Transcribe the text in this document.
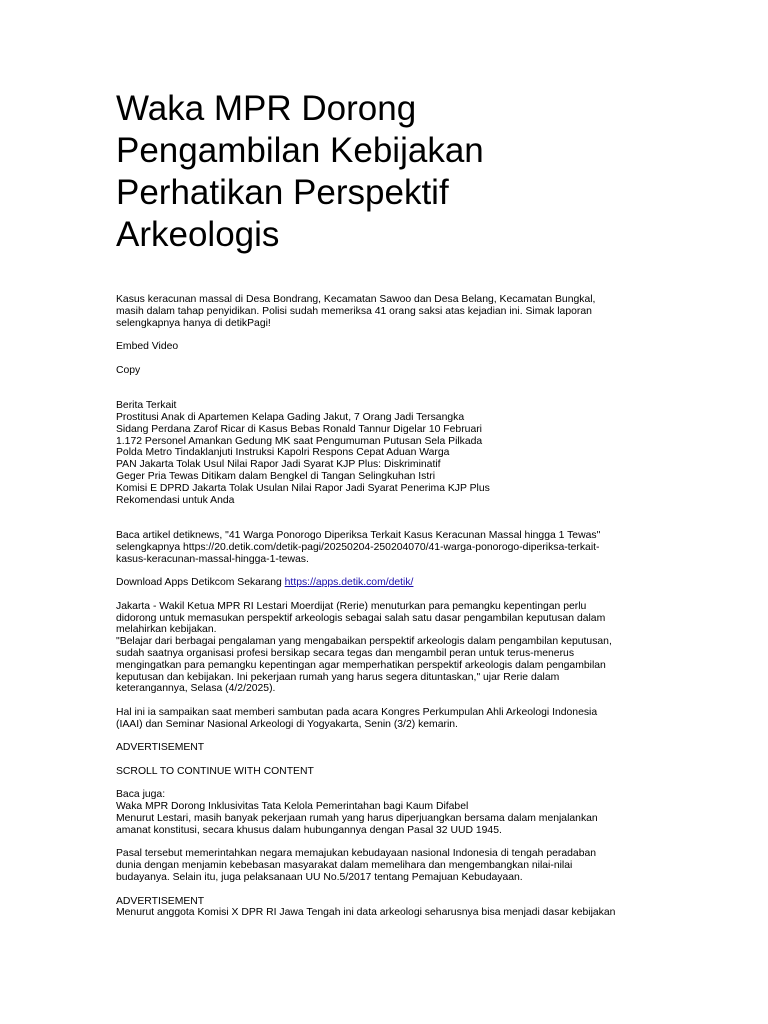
Waka MPR Dorong
Pengambilan Kebijakan
Perhatikan Perspektif
Arkeologis

Kasus keracunan massal di Desa Bondrang, Kecamatan Sawoo dan Desa Belang, Kecamatan Bungkal,
masih dalam tahap penyidikan. Polisi sudah memeriksa 41 orang saksi atas kejadian ini. Simak laporan
selengkapnya hanya di detikPagi!

Embed Video

Copy

Berita Terkait

Prostitusi Anak di Apartemen Kelapa Gading Jakut, 7 Orang Jadi Tersangka

Sidang Perdana Zarof Ricar di Kasus Bebas Ronald Tannur Digelar 10 Februari

1.172 Personel Amankan Gedung MK saat Pengumuman Putusan Sela Pilkada

Polda Metro Tindaklanjuti Instruksi Kapolri Respons Cepat Aduan Warga

PAN Jakarta Tolak Usul Nilai Rapor Jadi Syarat KJP Plus: Diskriminatif

Geger Pria Tewas Ditikam dalam Bengkel di Tangan Selingkuhan Istri

Komisi E DPRD Jakarta Tolak Usulan Nilai Rapor Jadi Syarat Penerima KJP Plus

Rekomendasi untuk Anda

Baca artikel detiknews, "41 Warga Ponorogo Diperiksa Terkait Kasus Keracunan Massal hingga 1 Tewas"
selengkapnya https://20.detik.com/detik-pagi/20250204-250204070/41-warga-ponorogo-diperiksa-terkait-
kasus-keracunan-massal-hingga-1-tewas.

Download Apps Detikcom Sekarang https://apps.detik.com/detik/

Jakarta - Wakil Ketua MPR RI Lestari Moerdijat (Rerie) menuturkan para pemangku kepentingan perlu
didorong untuk memasukan perspektif arkeologis sebagai salah satu dasar pengambilan keputusan dalam
melahirkan kebijakan.
"Belajar dari berbagai pengalaman yang mengabaikan perspektif arkeologis dalam pengambilan keputusan,
sudah saatnya organisasi profesi bersikap secara tegas dan mengambil peran untuk terus-menerus
mengingatkan para pemangku kepentingan agar memperhatikan perspektif arkeologis dalam pengambilan
keputusan dan kebijakan. Ini pekerjaan rumah yang harus segera dituntaskan," ujar Rerie dalam
keterangannya, Selasa (4/2/2025).

Hal ini ia sampaikan saat memberi sambutan pada acara Kongres Perkumpulan Ahli Arkeologi Indonesia
(IAAI) dan Seminar Nasional Arkeologi di Yogyakarta, Senin (3/2) kemarin.

ADVERTISEMENT

SCROLL TO CONTINUE WITH CONTENT

Baca juga:

Waka MPR Dorong Inklusivitas Tata Kelola Pemerintahan bagi Kaum Difabel

Menurut Lestari, masih banyak pekerjaan rumah yang harus diperjuangkan bersama dalam menjalankan
amanat konstitusi, secara khusus dalam hubungannya dengan Pasal 32 UUD 1945.

Pasal tersebut memerintahkan negara memajukan kebudayaan nasional Indonesia di tengah peradaban
dunia dengan menjamin kebebasan masyarakat dalam memelihara dan mengembangkan nilai-nilai
budayanya. Selain itu, juga pelaksanaan UU No.5/2017 tentang Pemajuan Kebudayaan.

ADVERTISEMENT

Menurut anggota Komisi X DPR RI Jawa Tengah ini data arkeologi seharusnya bisa menjadi dasar kebijakan
